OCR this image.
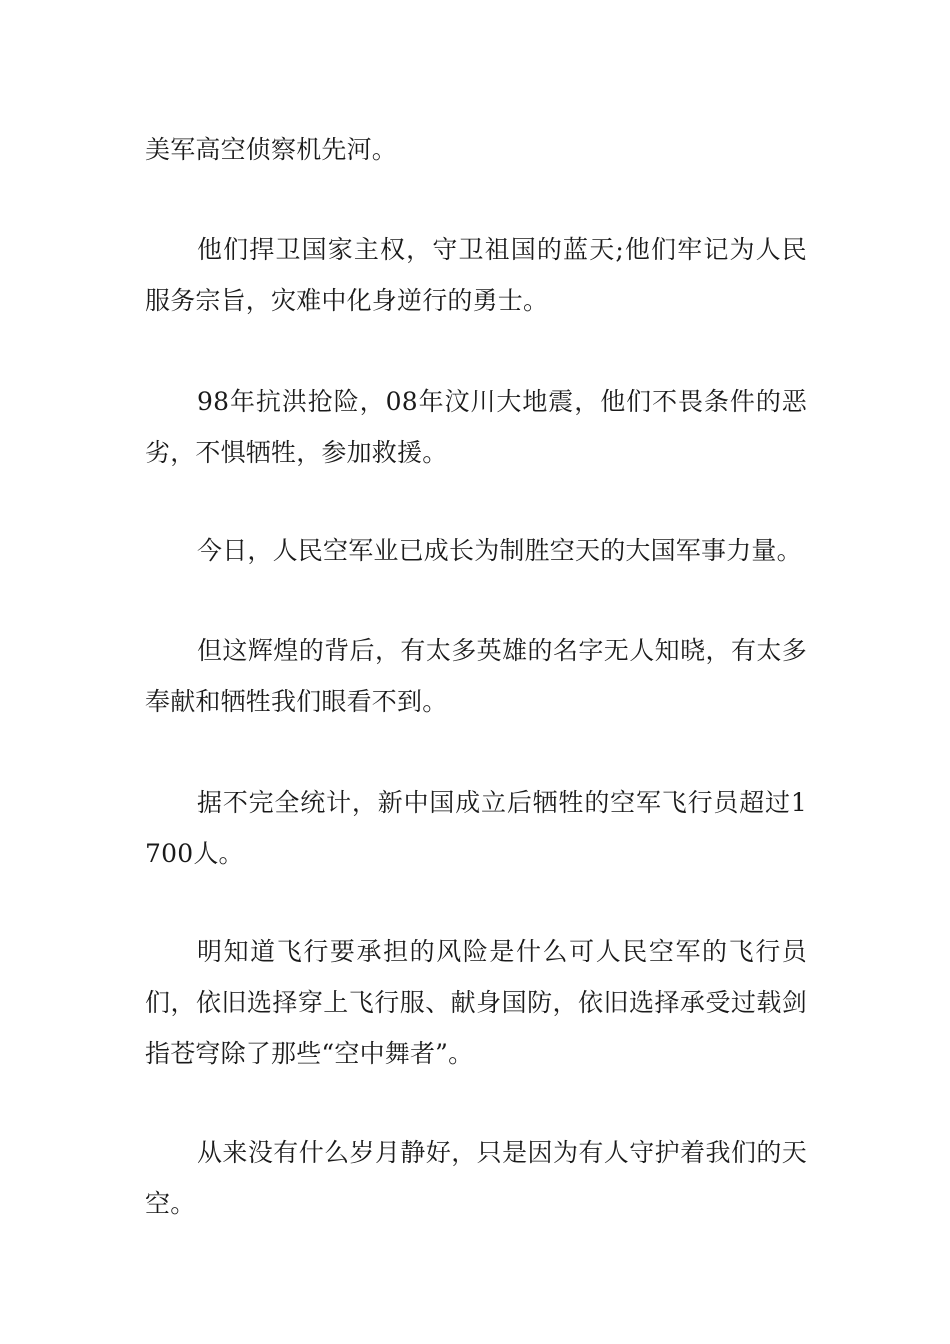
美军高空侦察机先河。

他们捍卫国家主权，守卫祖国的蓝天;他们牢记为人民服务宗旨，灾难中化身逆行的勇士。

98年抗洪抢险，08年汶川大地震，他们不畏条件的恶劣，不惧牺牲，参加救援。

今日，人民空军业已成长为制胜空天的大国军事力量。

但这辉煌的背后，有太多英雄的名字无人知晓，有太多奉献和牺牲我们眼看不到。

据不完全统计，新中国成立后牺牲的空军飞行员超过1700人。

明知道飞行要承担的风险是什么可人民空军的飞行员们，依旧选择穿上飞行服、献身国防，依旧选择承受过载剑指苍穹除了那些“空中舞者”。

从来没有什么岁月静好，只是因为有人守护着我们的天空。
